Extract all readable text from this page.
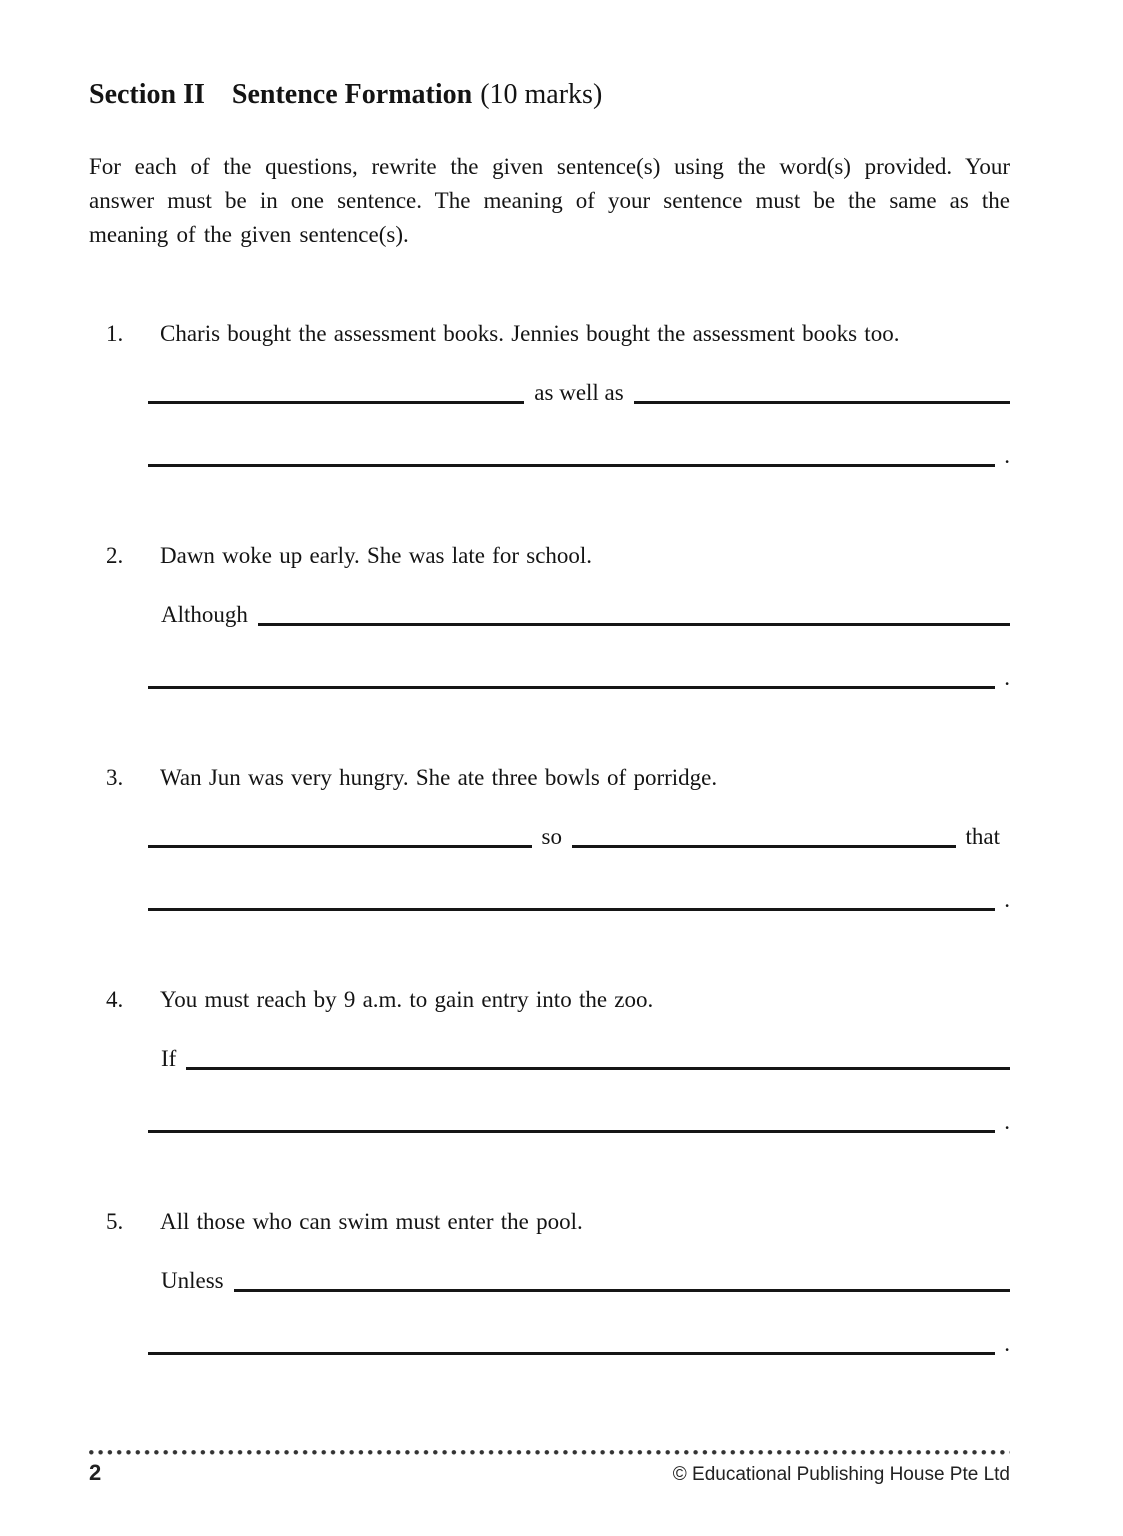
Section II Sentence Formation (10 marks)

For each of the questions, rewrite the given sentence(s) using the word(s) provided. Your answer must be in one sentence. The meaning of your sentence must be the same as the meaning of the given sentence(s).

1.	Charis bought the assessment books. Jennies bought the assessment books too.
as well as
.
2.	Dawn woke up early. She was late for school.
Although
.
3.	Wan Jun was very hungry. She ate three bowls of porridge.
so	that
.
4.	You must reach by 9 a.m. to gain entry into the zoo.
If
.
5.	All those who can swim must enter the pool.
Unless
.
2	© Educational Publishing House Pte Ltd
